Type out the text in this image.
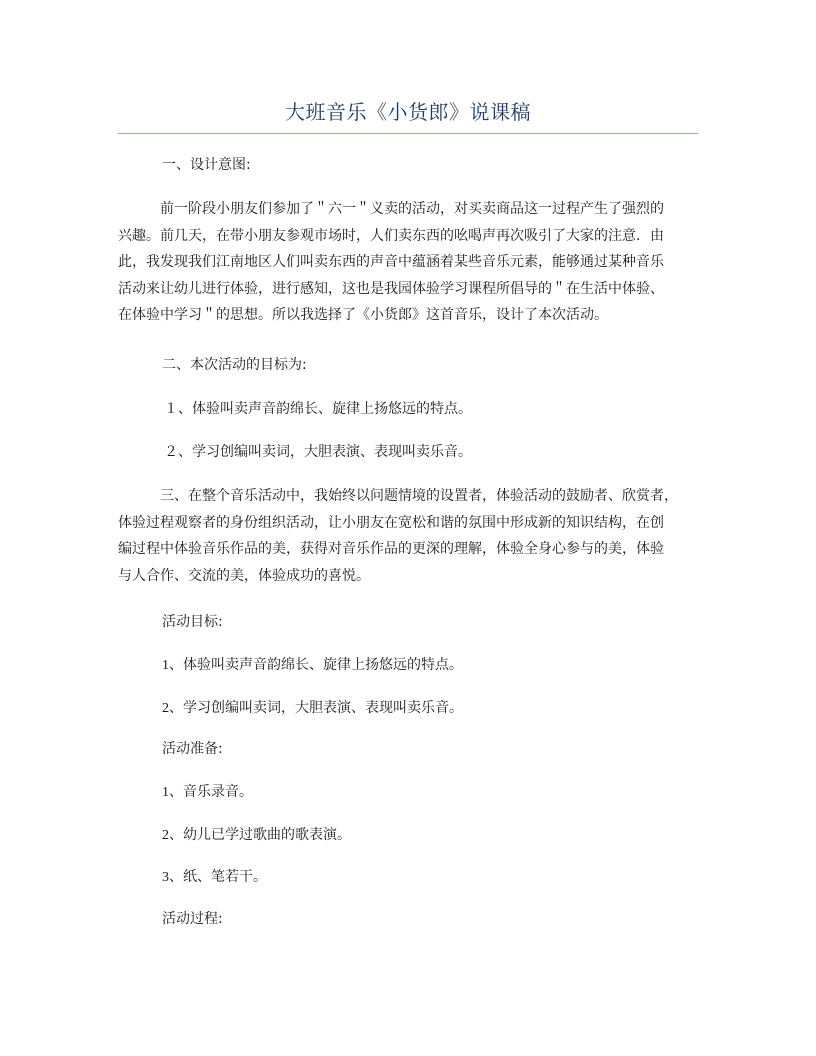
大班音乐《小货郎》说课稿
一、设计意图:
前一阶段小朋友们参加了＂六一＂义卖的活动，对买卖商品这一过程产生了强烈的
兴趣。前几天，在带小朋友参观市场时，人们卖东西的吆喝声再次吸引了大家的注意．由
此，我发现我们江南地区人们叫卖东西的声音中蕴涵着某些音乐元素，能够通过某种音乐
活动来让幼儿进行体验，进行感知，这也是我园体验学习课程所倡导的＂在生活中体验、
在体验中学习＂的思想。所以我选择了《小货郎》这首音乐，设计了本次活动。
二、本次活动的目标为:
１、体验叫卖声音韵绵长、旋律上扬悠远的特点。
２、学习创编叫卖词，大胆表演、表现叫卖乐音。
三、在整个音乐活动中，我始终以问题情境的设置者，体验活动的鼓励者、欣赏者，
体验过程观察者的身份组织活动，让小朋友在宽松和谐的氛围中形成新的知识结构，在创
编过程中体验音乐作品的美，获得对音乐作品的更深的理解，体验全身心参与的美，体验
与人合作、交流的美，体验成功的喜悦。
活动目标:
1、体验叫卖声音韵绵长、旋律上扬悠远的特点。
2、学习创编叫卖词，大胆表演、表现叫卖乐音。
活动准备:
1、音乐录音。
2、幼儿已学过歌曲的歌表演。
3、纸、笔若干。
活动过程:
